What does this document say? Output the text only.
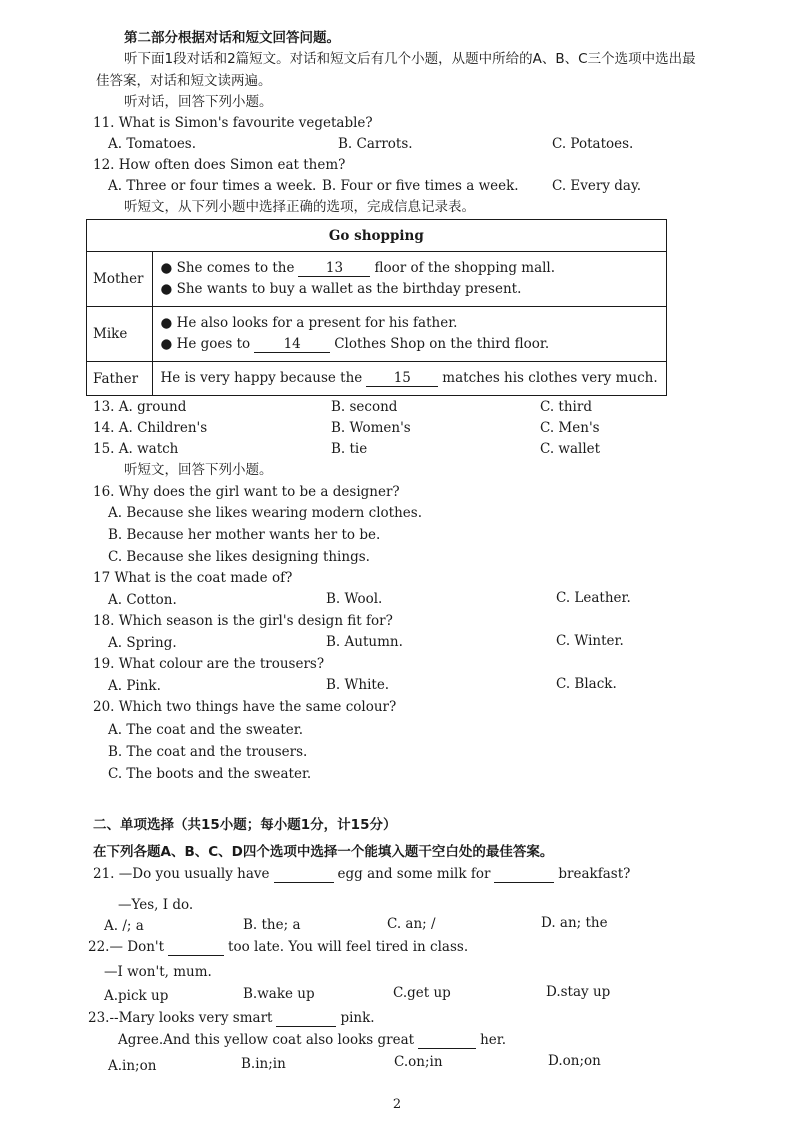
第二部分根据对话和短文回答问题。
听下面1段对话和2篇短文。对话和短文后有几个小题，从题中所给的A、B、C三个选项中选出最
佳答案，对话和短文读两遍。
听对话，回答下列小题。
11. What is Simon's favourite vegetable?
A. Tomatoes.	B. Carrots.	C. Potatoes.
12. How often does Simon eat them?
A. Three or four times a week. B. Four or five times a week. C. Every day.
听短文，从下列小题中选择正确的选项，完成信息记录表。
Go shopping	
Mother	● She comes to the 13 floor of the shopping mall.
● She wants to buy a wallet as the birthday present.

Mike	● He also looks for a present for his father.
● He goes to 14 Clothes Shop on the third floor.

Father	He is very happy because the 15 matches his clothes very much.
13. A. ground	B. second	C. third
14. A. Children's	B. Women's	C. Men's
15. A. watch	B. tie	C. wallet
听短文，回答下列小题。
16. Why does the girl want to be a designer?
A. Because she likes wearing modern clothes.
B. Because her mother wants her to be.
C. Because she likes designing things.
17 What is the coat made of?
A. Cotton.	B. Wool.	C. Leather.
18. Which season is the girl's design fit for?
A. Spring.	B. Autumn.	C. Winter.
19. What colour are the trousers?
A. Pink.	B. White.	C. Black.
20. Which two things have the same colour?
A. The coat and the sweater.
B. The coat and the trousers.
C. The boots and the sweater.
二、单项选择（共15小题；每小题1分，计15分）
在下列各题A、B、C、D四个选项中选择一个能填入题干空白处的最佳答案。
21. —Do you usually have	egg and some milk for	breakfast?
—Yes, I do.
A. /; a	B. the; a	C. an; /	D. an; the
22.— Don't	too late. You will feel tired in class.
—I won't, mum.
A.pick up	B.wake up	C.get up	D.stay up
23.--Mary looks very smart	pink.
Agree.And this yellow coat also looks great	her.
A.in;on	B.in;in	C.on;in	D.on;on
2
